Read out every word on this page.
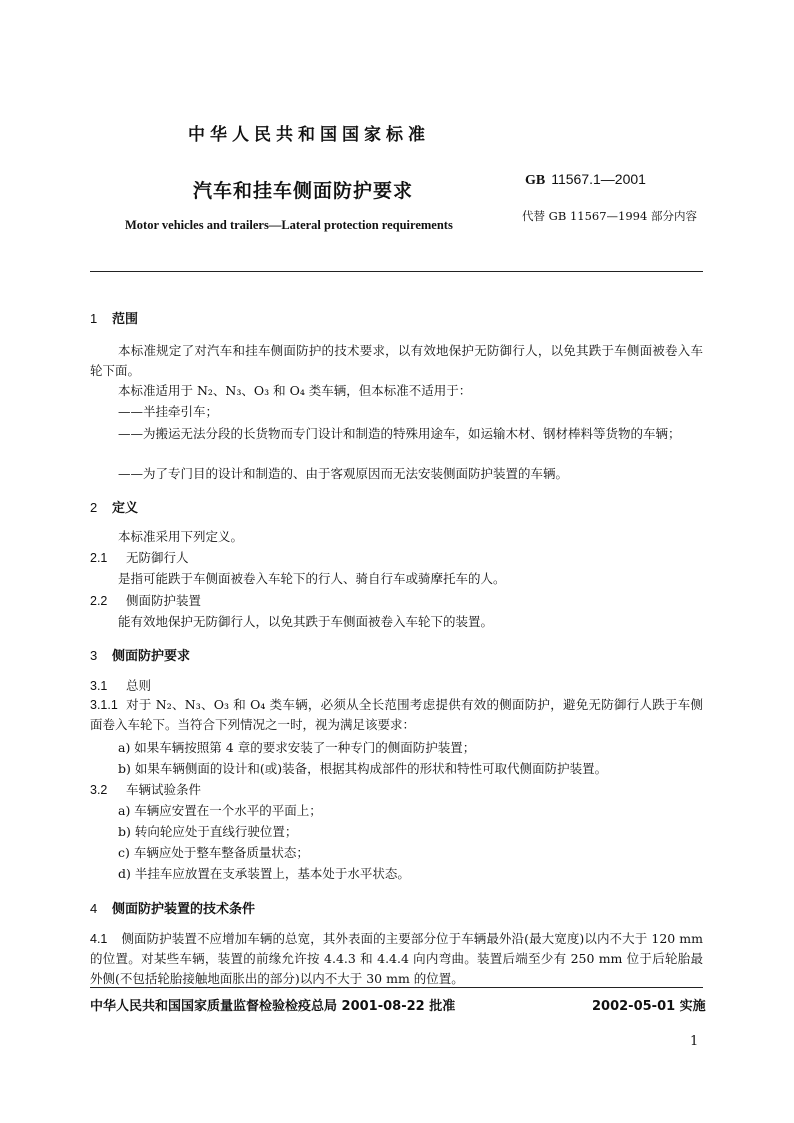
中华人民共和国国家标准
汽车和挂车侧面防护要求
Motor vehicles and trailers—Lateral protection requirements
GB 11567.1—2001
代替 GB 11567—1994 部分内容
1 范围
本标准规定了对汽车和挂车侧面防护的技术要求，以有效地保护无防御行人，以免其跌于车侧面被卷入车轮下面。
本标准适用于 N₂、N₃、O₃ 和 O₄ 类车辆，但本标准不适用于：
——半挂牵引车；
——为搬运无法分段的长货物而专门设计和制造的特殊用途车，如运输木材、钢材棒料等货物的车辆；
——为了专门目的设计和制造的、由于客观原因而无法安装侧面防护装置的车辆。
2 定义
本标准采用下列定义。
2.1 无防御行人
是指可能跌于车侧面被卷入车轮下的行人、骑自行车或骑摩托车的人。
2.2 侧面防护装置
能有效地保护无防御行人，以免其跌于车侧面被卷入车轮下的装置。
3 侧面防护要求
3.1 总则
3.1.1 对于 N₂、N₃、O₃ 和 O₄ 类车辆，必须从全长范围考虑提供有效的侧面防护，避免无防御行人跌于车侧面卷入车轮下。当符合下列情况之一时，视为满足该要求：
a) 如果车辆按照第 4 章的要求安装了一种专门的侧面防护装置；
b) 如果车辆侧面的设计和(或)装备，根据其构成部件的形状和特性可取代侧面防护装置。
3.2 车辆试验条件
a) 车辆应安置在一个水平的平面上；
b) 转向轮应处于直线行驶位置；
c) 车辆应处于整车整备质量状态；
d) 半挂车应放置在支承装置上，基本处于水平状态。
4 侧面防护装置的技术条件
4.1 侧面防护装置不应增加车辆的总宽，其外表面的主要部分位于车辆最外沿(最大宽度)以内不大于 120 mm 的位置。对某些车辆，装置的前缘允许按 4.4.3 和 4.4.4 向内弯曲。装置后端至少有 250 mm 位于后轮胎最外侧(不包括轮胎接触地面胀出的部分)以内不大于 30 mm 的位置。
中华人民共和国国家质量监督检验检疫总局 2001-08-22 批准	2002-05-01 实施
1
